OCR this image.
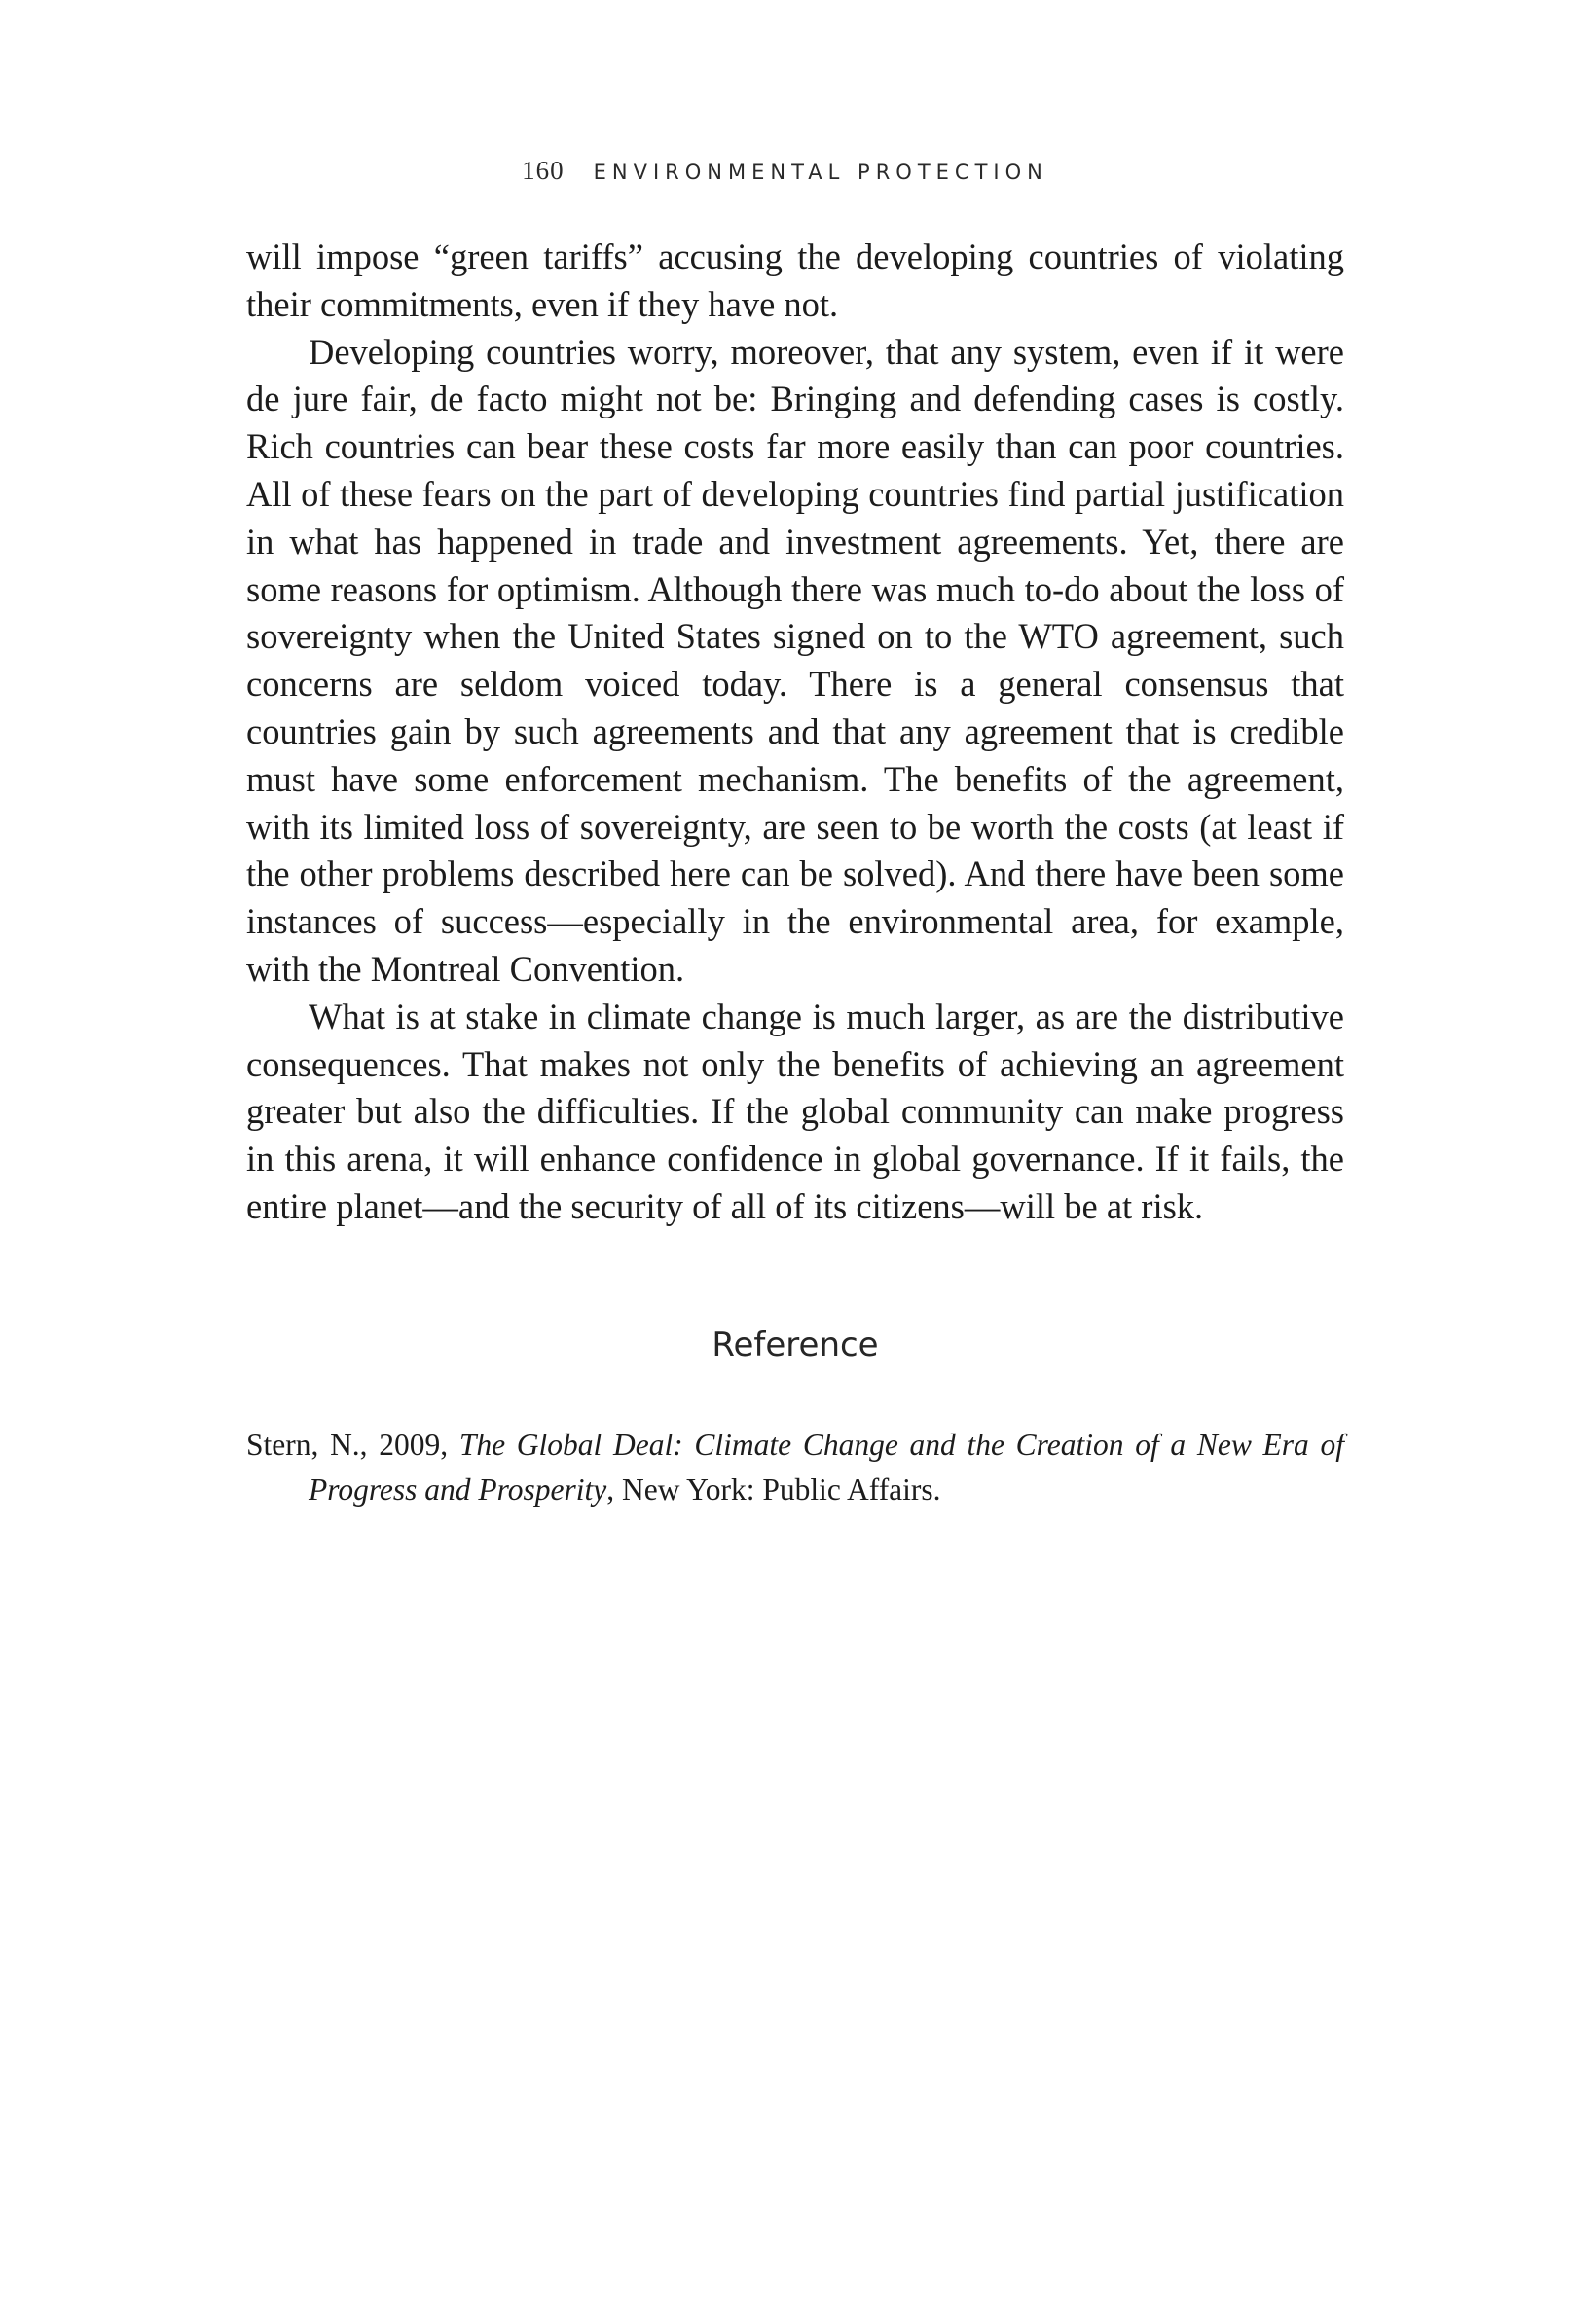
160 ENVIRONMENTAL PROTECTION

will impose “green tariffs” accusing the developing countries of violating their commitments, even if they have not.

Developing countries worry, moreover, that any system, even if it were de jure fair, de facto might not be: Bringing and defending cases is costly. Rich countries can bear these costs far more easily than can poor countries. All of these fears on the part of developing countries find partial justification in what has happened in trade and investment agreements. Yet, there are some reasons for optimism. Although there was much to-do about the loss of sovereignty when the United States signed on to the WTO agreement, such concerns are seldom voiced today. There is a general consensus that countries gain by such agreements and that any agreement that is credible must have some enforcement mechanism. The benefits of the agreement, with its limited loss of sovereignty, are seen to be worth the costs (at least if the other problems described here can be solved). And there have been some instances of success—especially in the environmental area, for example, with the Montreal Convention.

What is at stake in climate change is much larger, as are the distributive consequences. That makes not only the benefits of achieving an agreement greater but also the difficulties. If the global community can make progress in this arena, it will enhance confidence in global governance. If it fails, the entire planet—and the security of all of its citizens—will be at risk.

Reference
Stern, N., 2009, The Global Deal: Climate Change and the Creation of a New Era of Progress and Prosperity, New York: Public Affairs.
